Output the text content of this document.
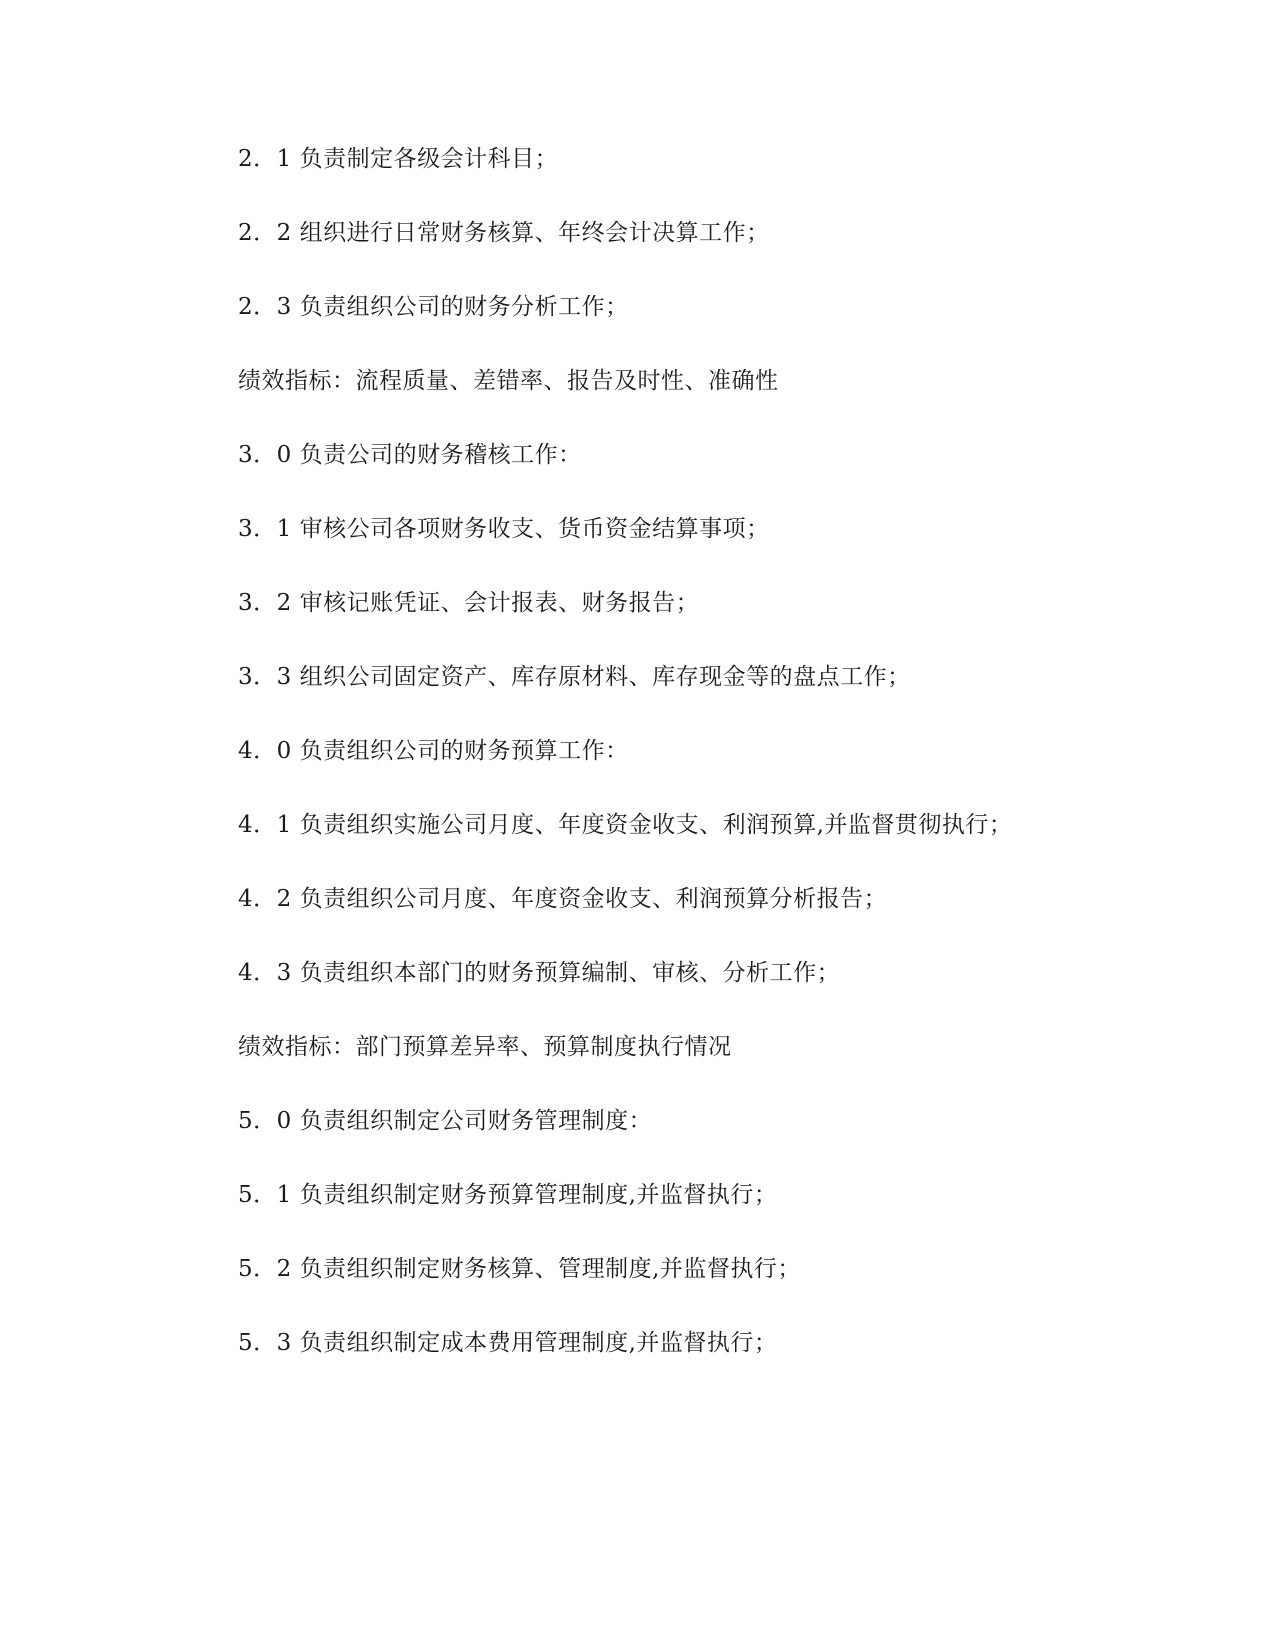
2．1 负责制定各级会计科目；
2．2 组织进行日常财务核算、年终会计决算工作；
2．3 负责组织公司的财务分析工作；
绩效指标：流程质量、差错率、报告及时性、准确性
3．0 负责公司的财务稽核工作：
3．1 审核公司各项财务收支、货币资金结算事项；
3．2 审核记账凭证、会计报表、财务报告；
3．3 组织公司固定资产、库存原材料、库存现金等的盘点工作；
4．0 负责组织公司的财务预算工作：
4．1 负责组织实施公司月度、年度资金收支、利润预算,并监督贯彻执行；
4．2 负责组织公司月度、年度资金收支、利润预算分析报告；
4．3 负责组织本部门的财务预算编制、审核、分析工作；
绩效指标：部门预算差异率、预算制度执行情况
5．0 负责组织制定公司财务管理制度：
5．1 负责组织制定财务预算管理制度,并监督执行；
5．2 负责组织制定财务核算、管理制度,并监督执行；
5．3 负责组织制定成本费用管理制度,并监督执行；
